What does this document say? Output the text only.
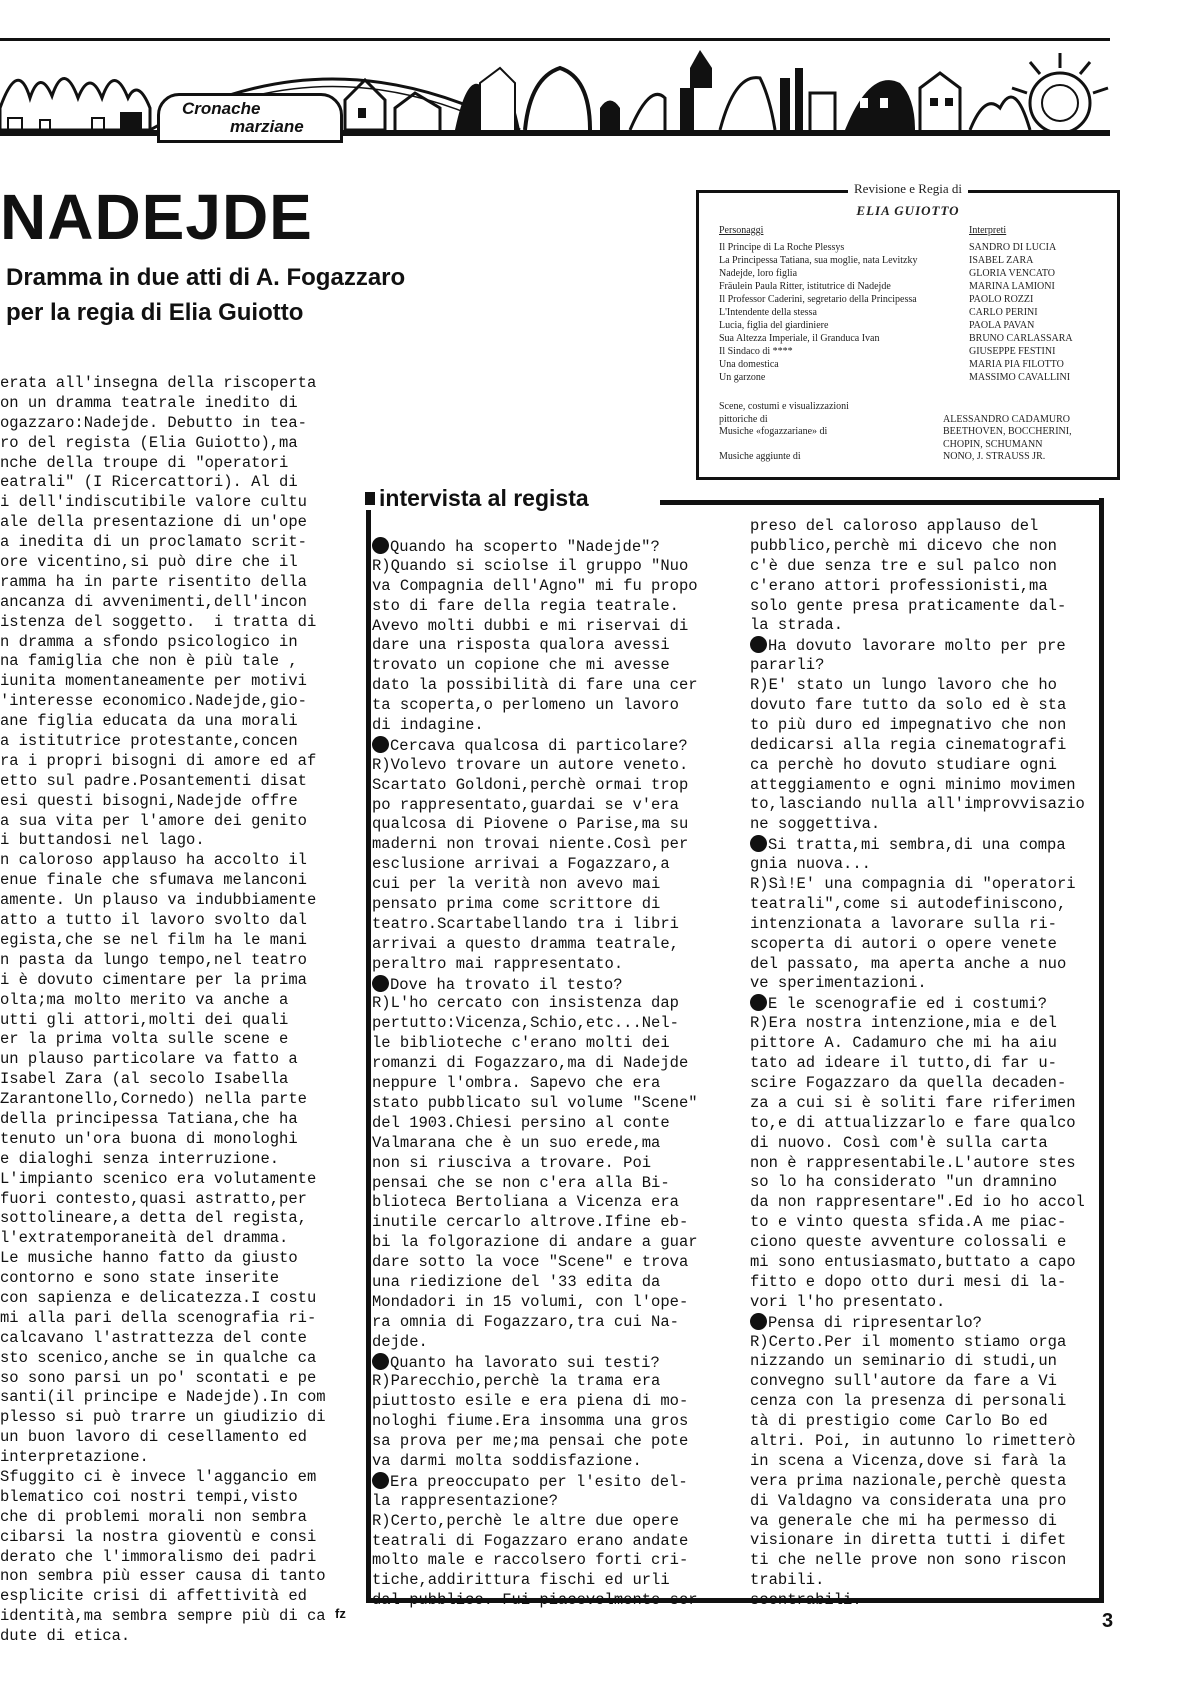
Cronache
marziane
NADEJDE
Dramma in due atti di A. Fogazzaro
per la regia di Elia Guiotto
Revisione e Regia di
ELIA GUIOTTO
Personaggi	Interpreti
Il Principe di La Roche Plessys
La Principessa Tatiana, sua moglie, nata Levitzky
Nadejde, loro figlia
Fräulein Paula Ritter, istitutrice di Nadejde
Il Professor Caderini, segretario della Principessa
L'Intendente della stessa
Lucia, figlia del giardiniere
Sua Altezza Imperiale, il Granduca Ivan
Il Sindaco di ****
Una domestica
Un garzone
SANDRO DI LUCIA
ISABEL ZARA
GLORIA VENCATO
MARINA LAMIONI
PAOLO ROZZI
CARLO PERINI
PAOLA PAVAN
BRUNO CARLASSARA
GIUSEPPE FESTINI
MARIA PIA FILOTTO
MASSIMO CAVALLINI
Scene, costumi e visualizzazioni
pittoriche di
Musiche «fogazzariane» di
Musiche aggiunte di
ALESSANDRO CADAMURO
BEETHOVEN, BOCCHERINI,
CHOPIN, SCHUMANN
NONO, J. STRAUSS JR.
erata all'insegna della riscoperta
on un dramma teatrale inedito di
ogazzaro:Nadejde. Debutto in tea-
ro del regista (Elia Guiotto),ma
nche della troupe di "operatori
eatrali" (I Ricercattori). Al di
i dell'indiscutibile valore cultu
ale della presentazione di un'ope
a inedita di un proclamato scrit-
ore vicentino,si può dire che il
ramma ha in parte risentito della
ancanza di avvenimenti,dell'incon
istenza del soggetto.  i tratta di
n dramma a sfondo psicologico in
na famiglia che non è più tale ,
iunita momentaneamente per motivi
'interesse economico.Nadejde,gio-
ane figlia educata da una morali
a istitutrice protestante,concen
ra i propri bisogni di amore ed af
etto sul padre.Posantementi disat
esi questi bisogni,Nadejde offre
a sua vita per l'amore dei genito
i buttandosi nel lago.
n caloroso applauso ha accolto il
enue finale che sfumava melanconi
amente. Un plauso va indubbiamente
atto a tutto il lavoro svolto dal
egista,che se nel film ha le mani
n pasta da lungo tempo,nel teatro
i è dovuto cimentare per la prima
olta;ma molto merito va anche a
utti gli attori,molti dei quali
er la prima volta sulle scene e
un plauso particolare va fatto a
Isabel Zara (al secolo Isabella
Zarantonello,Cornedo) nella parte
della principessa Tatiana,che ha
tenuto un'ora buona di monologhi
e dialoghi senza interruzione.
L'impianto scenico era volutamente
fuori contesto,quasi astratto,per
sottolineare,a detta del regista,
l'extratemporaneità del dramma.
Le musiche hanno fatto da giusto
contorno e sono state inserite
con sapienza e delicatezza.I costu
mi alla pari della scenografia ri-
calcavano l'astrattezza del conte
sto scenico,anche se in qualche ca
so sono parsi un po' scontati e pe
santi(il principe e Nadejde).In com
plesso si può trarre un giudizio di
un buon lavoro di cesellamento ed
interpretazione.
Sfuggito ci è invece l'aggancio em
blematico coi nostri tempi,visto
che di problemi morali non sembra
cibarsi la nostra gioventù e consi
derato che l'immoralismo dei padri
non sembra più esser causa di tanto
esplicite crisi di affettività ed
identità,ma sembra sempre più di ca
dute di etica.
fz
intervista al regista
Quando ha scoperto "Nadejde"?
R)Quando si sciolse il gruppo "Nuo
va Compagnia dell'Agno" mi fu propo
sto di fare della regia teatrale.
Avevo molti dubbi e mi riservai di
dare una risposta qualora avessi
trovato un copione che mi avesse
dato la possibilità di fare una cer
ta scoperta,o perlomeno un lavoro
di indagine.
Cercava qualcosa di particolare?
R)Volevo trovare un autore veneto.
Scartato Goldoni,perchè ormai trop
po rappresentato,guardai se v'era
qualcosa di Piovene o Parise,ma su
maderni non trovai niente.Così per
esclusione arrivai a Fogazzaro,a
cui per la verità non avevo mai
pensato prima come scrittore di
teatro.Scartabellando tra i libri
arrivai a questo dramma teatrale,
peraltro mai rappresentato.
Dove ha trovato il testo?
R)L'ho cercato con insistenza dap
pertutto:Vicenza,Schio,etc...Nel-
le biblioteche c'erano molti dei
romanzi di Fogazzaro,ma di Nadejde
neppure l'ombra. Sapevo che era
stato pubblicato sul volume "Scene"
del 1903.Chiesi persino al conte
Valmarana che è un suo erede,ma
non si riusciva a trovare. Poi
pensai che se non c'era alla Bi-
blioteca Bertoliana a Vicenza era
inutile cercarlo altrove.Ifine eb-
bi la folgorazione di andare a guar
dare sotto la voce "Scene" e trova
una riedizione del '33 edita da
Mondadori in 15 volumi, con l'ope-
ra omnia di Fogazzaro,tra cui Na-
dejde.
Quanto ha lavorato sui testi?
R)Parecchio,perchè la trama era
piuttosto esile e era piena di mo-
nologhi fiume.Era insomma una gros
sa prova per me;ma pensai che pote
va darmi molta soddisfazione.
Era preoccupato per l'esito del-
la rappresentazione?
R)Certo,perchè le altre due opere
teatrali di Fogazzaro erano andate
molto male e raccolsero forti cri-
tiche,addirittura fischi ed urli
dal pubblico. Fui piacevolmente sor
preso del caloroso applauso del
pubblico,perchè mi dicevo che non
c'è due senza tre e sul palco non
c'erano attori professionisti,ma
solo gente presa praticamente dal-
la strada.
Ha dovuto lavorare molto per pre
pararli?
R)E' stato un lungo lavoro che ho
dovuto fare tutto da solo ed è sta
to più duro ed impegnativo che non
dedicarsi alla regia cinematografi
ca perchè ho dovuto studiare ogni
atteggiamento e ogni minimo movimen
to,lasciando nulla all'improvvisazio
ne soggettiva.
Si tratta,mi sembra,di una compa
gnia nuova...
R)Sì!E' una compagnia di "operatori
teatrali",come si autodefiniscono,
intenzionata a lavorare sulla ri-
scoperta di autori o opere venete
del passato, ma aperta anche a nuo
ve sperimentazioni.
E le scenografie ed i costumi?
R)Era nostra intenzione,mia e del
pittore A. Cadamuro che mi ha aiu
tato ad ideare il tutto,di far u-
scire Fogazzaro da quella decaden-
za a cui si è soliti fare riferimen
to,e di attualizzarlo e fare qualco
di nuovo. Così com'è sulla carta
non è rappresentabile.L'autore stes
so lo ha considerato "un dramnino
da non rappresentare".Ed io ho accol
to e vinto questa sfida.A me piac-
ciono queste avventure colossali e
mi sono entusiasmato,buttato a capo
fitto e dopo otto duri mesi di la-
vori l'ho presentato.
Pensa di ripresentarlo?
R)Certo.Per il momento stiamo orga
nizzando un seminario di studi,un
convegno sull'autore da fare a Vi
cenza con la presenza di personali
tà di prestigio come Carlo Bo ed
altri. Poi, in autunno lo rimetterò
in scena a Vicenza,dove si farà la
vera prima nazionale,perchè questa
di Valdagno va considerata una pro
va generale che mi ha permesso di
visionare in diretta tutti i difet
ti che nelle prove non sono riscon
trabili.
scontrabili.
3
